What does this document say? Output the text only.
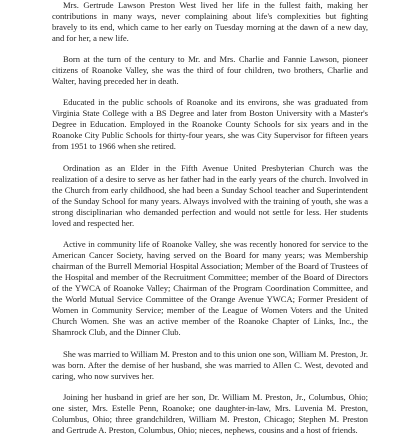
Mrs. Gertrude Lawson Preston West lived her life in the fullest faith, making her contributions in many ways, never complaining about life's complexities but fighting bravely to its end, which came to her early on Tuesday morning at the dawn of a new day, and for her, a new life.

Born at the turn of the century to Mr. and Mrs. Charlie and Fannie Lawson, pioneer citizens of Roanoke Valley, she was the third of four children, two brothers, Charlie and Walter, having preceded her in death.

Educated in the public schools of Roanoke and its environs, she was graduated from Virginia State College with a BS Degree and later from Boston University with a Master's Degree in Education. Employed in the Roanoke County Schools for six years and in the Roanoke City Public Schools for thirty-four years, she was City Supervisor for fifteen years from 1951 to 1966 when she retired.

Ordination as an Elder in the Fifth Avenue United Presbyterian Church was the realization of a desire to serve as her father had in the early years of the church. Involved in the Church from early childhood, she had been a Sunday School teacher and Superintendent of the Sunday School for many years. Always involved with the training of youth, she was a strong disciplinarian who demanded perfection and would not settle for less. Her students loved and respected her.

Active in community life of Roanoke Valley, she was recently honored for service to the American Cancer Society, having served on the Board for many years; was Membership chairman of the Burrell Memorial Hospital Association; Member of the Board of Trustees of the Hospital and member of the Recruitment Committee; member of the Board of Directors of the YWCA of Roanoke Valley; Chairman of the Program Coordination Committee, and the World Mutual Service Committee of the Orange Avenue YWCA; Former President of Women in Community Service; member of the League of Women Voters and the United Church Women. She was an active member of the Roanoke Chapter of Links, Inc., the Shamrock Club, and the Dinner Club.

She was married to William M. Preston and to this union one son, William M. Preston, Jr. was born. After the demise of her husband, she was married to Allen C. West, devoted and caring, who now survives her.

Joining her husband in grief are her son, Dr. William M. Preston, Jr., Columbus, Ohio; one sister, Mrs. Estelle Penn, Roanoke; one daughter-in-law, Mrs. Luvenia M. Preston, Columbus, Ohio; three grandchildren, William M. Preston, Chicago; Stephen M. Preston and Gertrude A. Preston, Columbus, Ohio; nieces, nephews, cousins and a host of friends.
